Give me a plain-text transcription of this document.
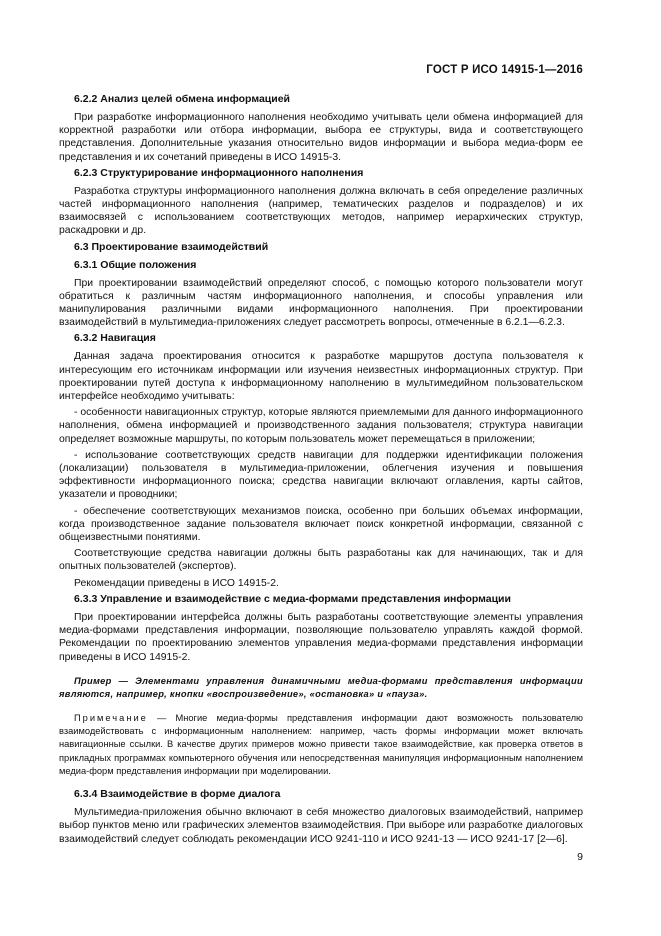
ГОСТ Р ИСО 14915-1—2016
6.2.2 Анализ целей обмена информацией
При разработке информационного наполнения необходимо учитывать цели обмена информацией для корректной разработки или отбора информации, выбора ее структуры, вида и соответствующего представления. Дополнительные указания относительно видов информации и выбора медиа-форм ее представления и их сочетаний приведены в ИСО 14915-3.
6.2.3 Структурирование информационного наполнения
Разработка структуры информационного наполнения должна включать в себя определение различных частей информационного наполнения (например, тематических разделов и подразделов) и их взаимосвязей с использованием соответствующих методов, например иерархических структур, раскадровки и др.
6.3 Проектирование взаимодействий
6.3.1 Общие положения
При проектировании взаимодействий определяют способ, с помощью которого пользователи могут обратиться к различным частям информационного наполнения, и способы управления или манипулирования различными видами информационного наполнения. При проектировании взаимодействий в мультимедиа-приложениях следует рассмотреть вопросы, отмеченные в 6.2.1—6.2.3.
6.3.2 Навигация
Данная задача проектирования относится к разработке маршрутов доступа пользователя к интересующим его источникам информации или изучения неизвестных информационных структур. При проектировании путей доступа к информационному наполнению в мультимедийном пользовательском интерфейсе необходимо учитывать:
- особенности навигационных структур, которые являются приемлемыми для данного информационного наполнения, обмена информацией и производственного задания пользователя; структура навигации определяет возможные маршруты, по которым пользователь может перемещаться в приложении;
- использование соответствующих средств навигации для поддержки идентификации положения (локализации) пользователя в мультимедиа-приложении, облегчения изучения и повышения эффективности информационного поиска; средства навигации включают оглавления, карты сайтов, указатели и проводники;
- обеспечение соответствующих механизмов поиска, особенно при больших объемах информации, когда производственное задание пользователя включает поиск конкретной информации, связанной с общеизвестными понятиями.
Соответствующие средства навигации должны быть разработаны как для начинающих, так и для опытных пользователей (экспертов).
Рекомендации приведены в ИСО 14915-2.
6.3.3 Управление и взаимодействие с медиа-формами представления информации
При проектировании интерфейса должны быть разработаны соответствующие элементы управления медиа-формами представления информации, позволяющие пользователю управлять каждой формой. Рекомендации по проектированию элементов управления медиа-формами представления информации приведены в ИСО 14915-2.
Пример — Элементами управления динамичными медиа-формами представления информации являются, например, кнопки «воспроизведение», «остановка» и «пауза».
Примечание — Многие медиа-формы представления информации дают возможность пользователю взаимодействовать с информационным наполнением: например, часть формы информации может включать навигационные ссылки. В качестве других примеров можно привести такое взаимодействие, как проверка ответов в прикладных программах компьютерного обучения или непосредственная манипуляция информационным наполнением медиа-форм представления информации при моделировании.
6.3.4 Взаимодействие в форме диалога
Мультимедиа-приложения обычно включают в себя множество диалоговых взаимодействий, например выбор пунктов меню или графических элементов взаимодействия. При выборе или разработке диалоговых взаимодействий следует соблюдать рекомендации ИСО 9241-110 и ИСО 9241-13 — ИСО 9241-17 [2—6].
9
